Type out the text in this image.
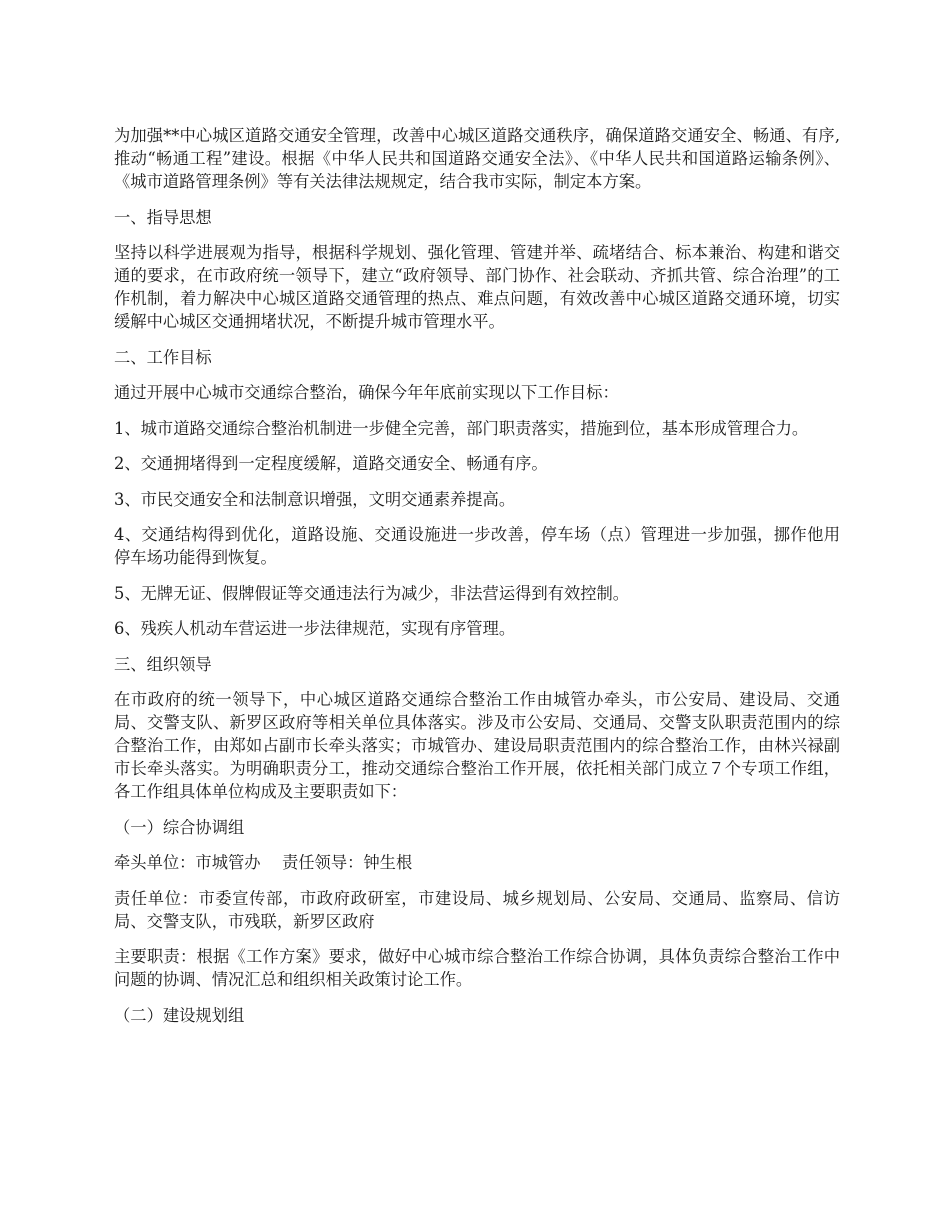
为加强**中心城区道路交通安全管理，改善中心城区道路交通秩序，确保道路交通安全、畅通、有序,推动“畅通工程”建设。根据《中华人民共和国道路交通安全法》、《中华人民共和国道路运输条例》、《城市道路管理条例》等有关法律法规规定，结合我市实际，制定本方案。

一、指导思想

坚持以科学进展观为指导，根据科学规划、强化管理、管建并举、疏堵结合、标本兼治、构建和谐交通的要求，在市政府统一领导下，建立“政府领导、部门协作、社会联动、齐抓共管、综合治理”的工作机制，着力解决中心城区道路交通管理的热点、难点问题，有效改善中心城区道路交通环境，切实缓解中心城区交通拥堵状况，不断提升城市管理水平。

二、工作目标

通过开展中心城市交通综合整治，确保今年年底前实现以下工作目标：

1、城市道路交通综合整治机制进一步健全完善，部门职责落实，措施到位，基本形成管理合力。

2、交通拥堵得到一定程度缓解，道路交通安全、畅通有序。

3、市民交通安全和法制意识增强，文明交通素养提高。

4、交通结构得到优化，道路设施、交通设施进一步改善，停车场（点）管理进一步加强，挪作他用停车场功能得到恢复。

5、无牌无证、假牌假证等交通违法行为减少，非法营运得到有效控制。

6、残疾人机动车营运进一步法律规范，实现有序管理。

三、组织领导

在市政府的统一领导下，中心城区道路交通综合整治工作由城管办牵头，市公安局、建设局、交通局、交警支队、新罗区政府等相关单位具体落实。涉及市公安局、交通局、交警支队职责范围内的综合整治工作，由郑如占副市长牵头落实；市城管办、建设局职责范围内的综合整治工作，由林兴禄副市长牵头落实。为明确职责分工，推动交通综合整治工作开展，依托相关部门成立７个专项工作组，各工作组具体单位构成及主要职责如下：

（一）综合协调组

牵头单位：市城管办　 责任领导：钟生根

责任单位：市委宣传部，市政府政研室，市建设局、城乡规划局、公安局、交通局、监察局、信访局、交警支队，市残联，新罗区政府

主要职责：根据《工作方案》要求，做好中心城市综合整治工作综合协调，具体负责综合整治工作中问题的协调、情况汇总和组织相关政策讨论工作。

（二）建设规划组
